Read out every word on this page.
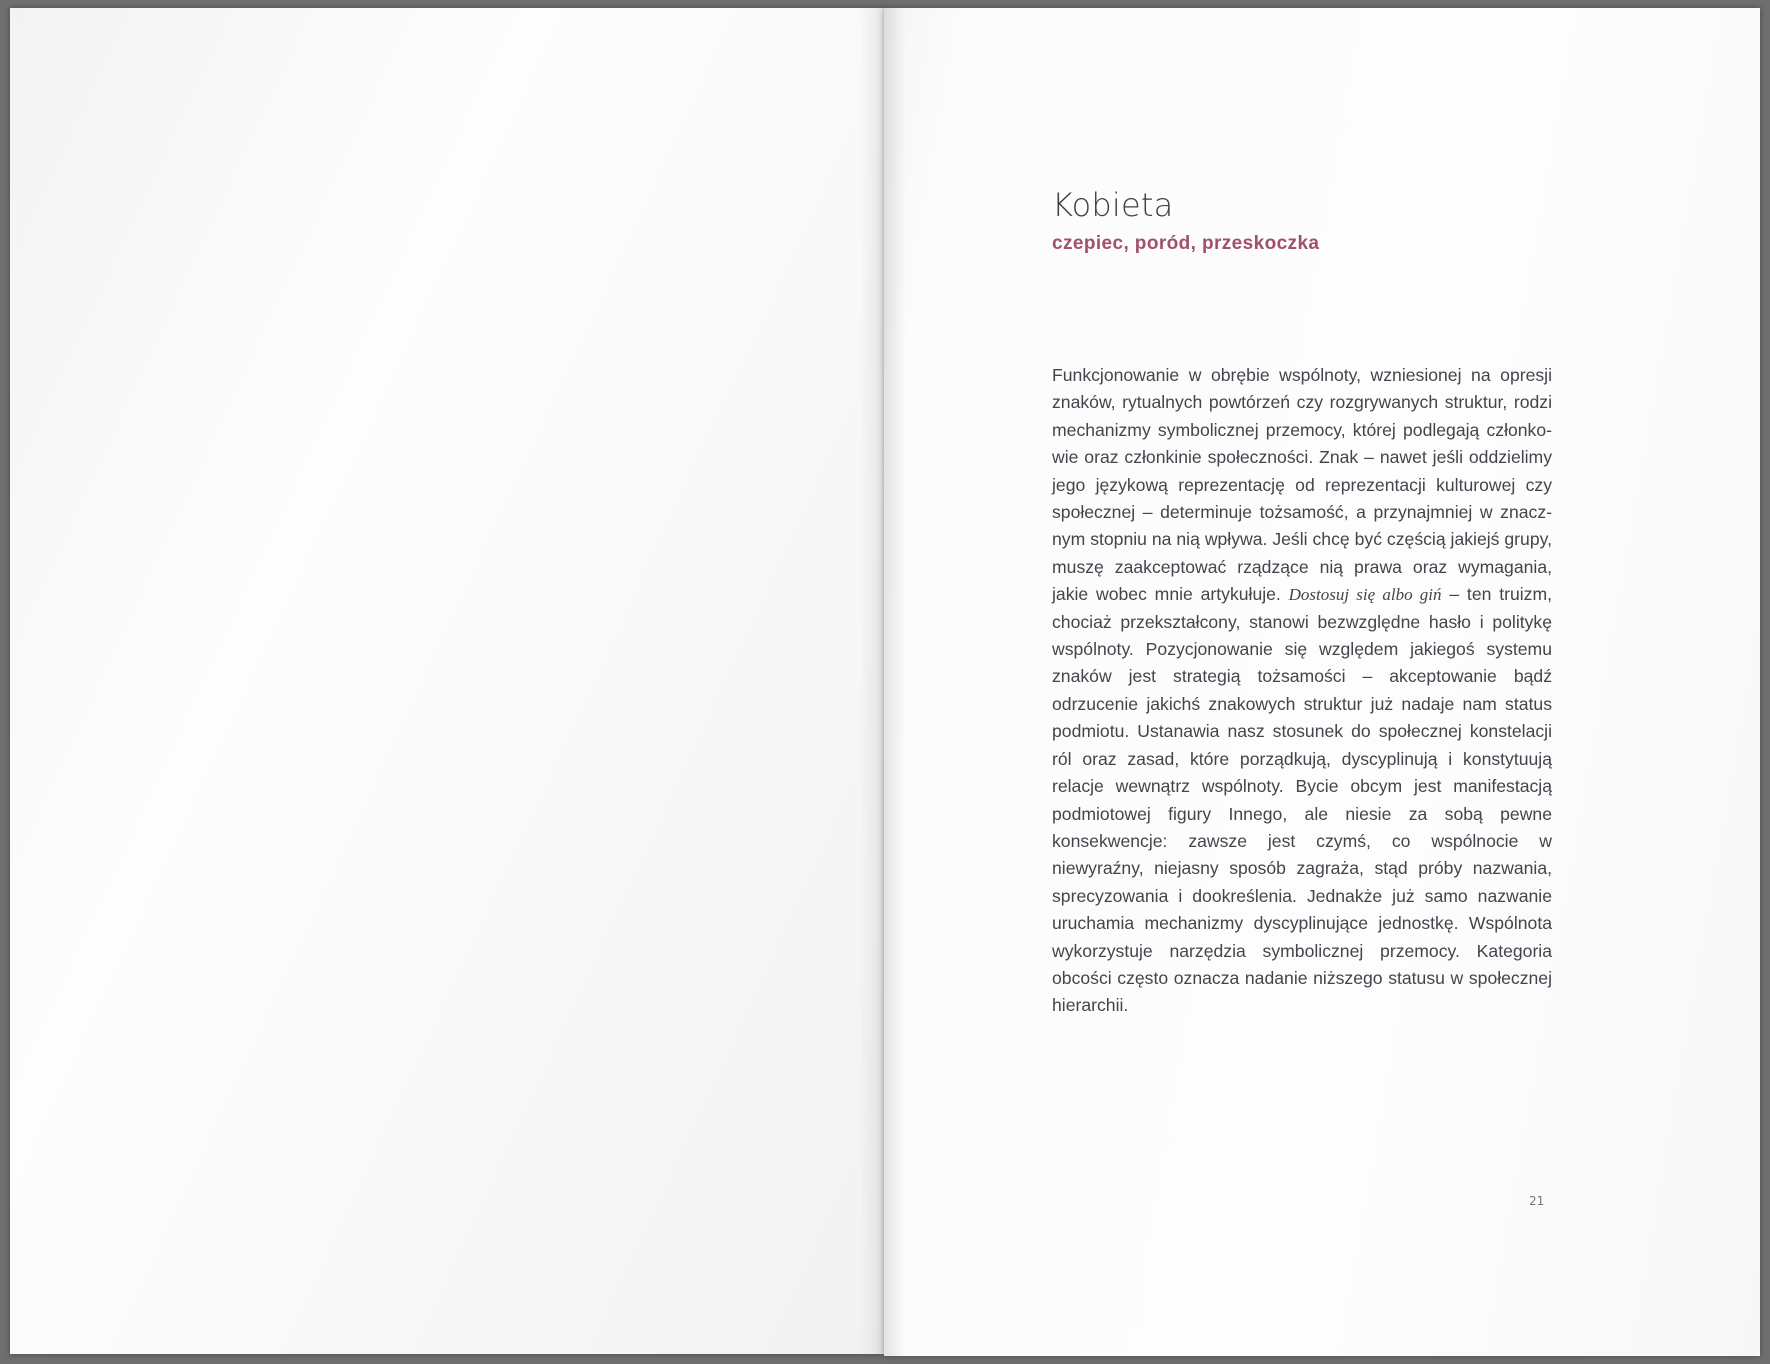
Kobieta
czepiec, poród, przeskoczka

Funkcjonowanie w obrębie wspólnoty, wzniesionej na opresji znaków, rytualnych powtórzeń czy rozgrywanych struktur, rodzi mechanizmy symbolicznej przemocy, której podlegają członkowie oraz członkinie społeczności. Znak – nawet jeśli oddzielimy jego językową reprezentację od reprezentacji kulturowej czy społecznej – determinuje tożsamość, a przynajmniej w znacznym stopniu na nią wpływa. Jeśli chcę być częścią jakiejś grupy, muszę zaakceptować rządzące nią prawa oraz wymagania, jakie wobec mnie artykułuje. Dostosuj się albo giń – ten truizm, chociaż przekształcony, stanowi bezwzględne hasło i politykę wspólnoty. Pozycjonowanie się względem jakiegoś systemu znaków jest strategią tożsamości – akceptowanie bądź odrzucenie jakichś znakowych struktur już nadaje nam status podmiotu. Ustanawia nasz stosunek do społecznej konstelacji ról oraz zasad, które porządkują, dyscyplinują i konstytuują relacje wewnątrz wspólnoty. Bycie obcym jest manifestacją podmiotowej figury Innego, ale niesie za sobą pewne konsekwencje: zawsze jest czymś, co wspólnocie w niewyraźny, niejasny sposób zagraża, stąd próby nazwania, sprecyzowania i dookreślenia. Jednakże już samo nazwanie uruchamia mechanizmy dyscyplinujące jednostkę. Wspólnota wykorzystuje narzędzia symbolicznej przemocy. Kategoria obcości często oznacza nadanie niższego statusu w społecznej hierarchii.

21
